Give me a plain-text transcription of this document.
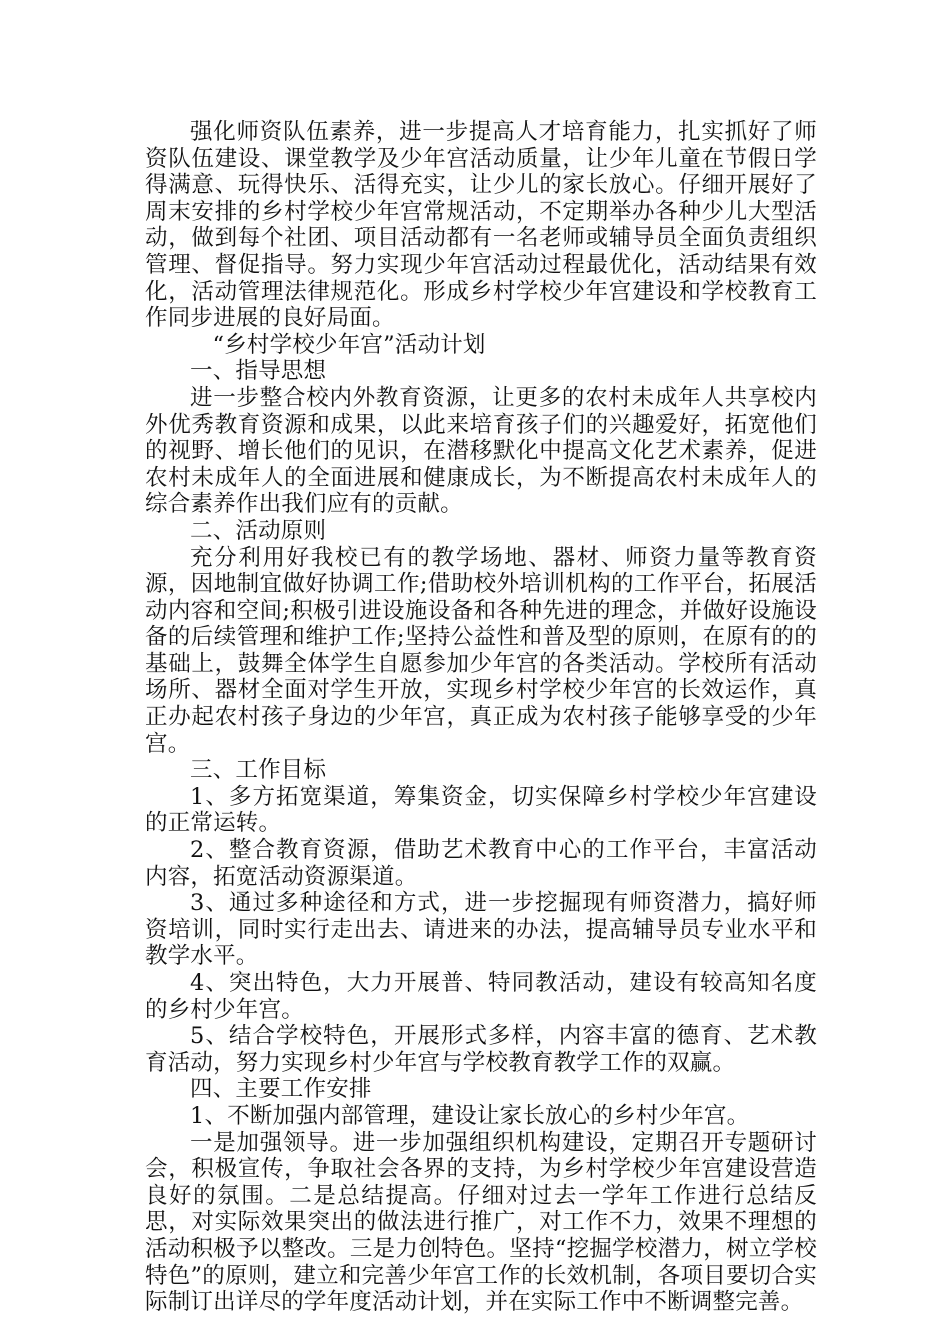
强化师资队伍素养，进一步提高人才培育能力，扎实抓好了师资队伍建设、课堂教学及少年宫活动质量，让少年儿童在节假日学得满意、玩得快乐、活得充实，让少儿的家长放心。仔细开展好了周末安排的乡村学校少年宫常规活动，不定期举办各种少儿大型活动，做到每个社团、项目活动都有一名老师或辅导员全面负责组织管理、督促指导。努力实现少年宫活动过程最优化，活动结果有效化，活动管理法律规范化。形成乡村学校少年宫建设和学校教育工作同步进展的良好局面。

“乡村学校少年宫”活动计划

一、指导思想

进一步整合校内外教育资源，让更多的农村未成年人共享校内外优秀教育资源和成果，以此来培育孩子们的兴趣爱好，拓宽他们的视野、增长他们的见识，在潜移默化中提高文化艺术素养，促进农村未成年人的全面进展和健康成长，为不断提高农村未成年人的综合素养作出我们应有的贡献。

二、活动原则

充分利用好我校已有的教学场地、器材、师资力量等教育资源，因地制宜做好协调工作;借助校外培训机构的工作平台，拓展活动内容和空间;积极引进设施设备和各种先进的理念，并做好设施设备的后续管理和维护工作;坚持公益性和普及型的原则，在原有的的基础上，鼓舞全体学生自愿参加少年宫的各类活动。学校所有活动场所、器材全面对学生开放，实现乡村学校少年宫的长效运作，真正办起农村孩子身边的少年宫，真正成为农村孩子能够享受的少年宫。

三、工作目标

1、多方拓宽渠道，筹集资金，切实保障乡村学校少年宫建设的正常运转。

2、整合教育资源，借助艺术教育中心的工作平台，丰富活动内容，拓宽活动资源渠道。

3、通过多种途径和方式，进一步挖掘现有师资潜力，搞好师资培训，同时实行走出去、请进来的办法，提高辅导员专业水平和教学水平。

4、突出特色，大力开展普、特同教活动，建设有较高知名度的乡村少年宫。

5、结合学校特色，开展形式多样，内容丰富的德育、艺术教育活动，努力实现乡村少年宫与学校教育教学工作的双赢。

四、主要工作安排

1、不断加强内部管理，建设让家长放心的乡村少年宫。

一是加强领导。进一步加强组织机构建设，定期召开专题研讨会，积极宣传，争取社会各界的支持，为乡村学校少年宫建设营造良好的氛围。二是总结提高。仔细对过去一学年工作进行总结反思，对实际效果突出的做法进行推广，对工作不力，效果不理想的活动积极予以整改。三是力创特色。坚持“挖掘学校潜力，树立学校特色”的原则，建立和完善少年宫工作的长效机制，各项目要切合实际制订出详尽的学年度活动计划，并在实际工作中不断调整完善。
